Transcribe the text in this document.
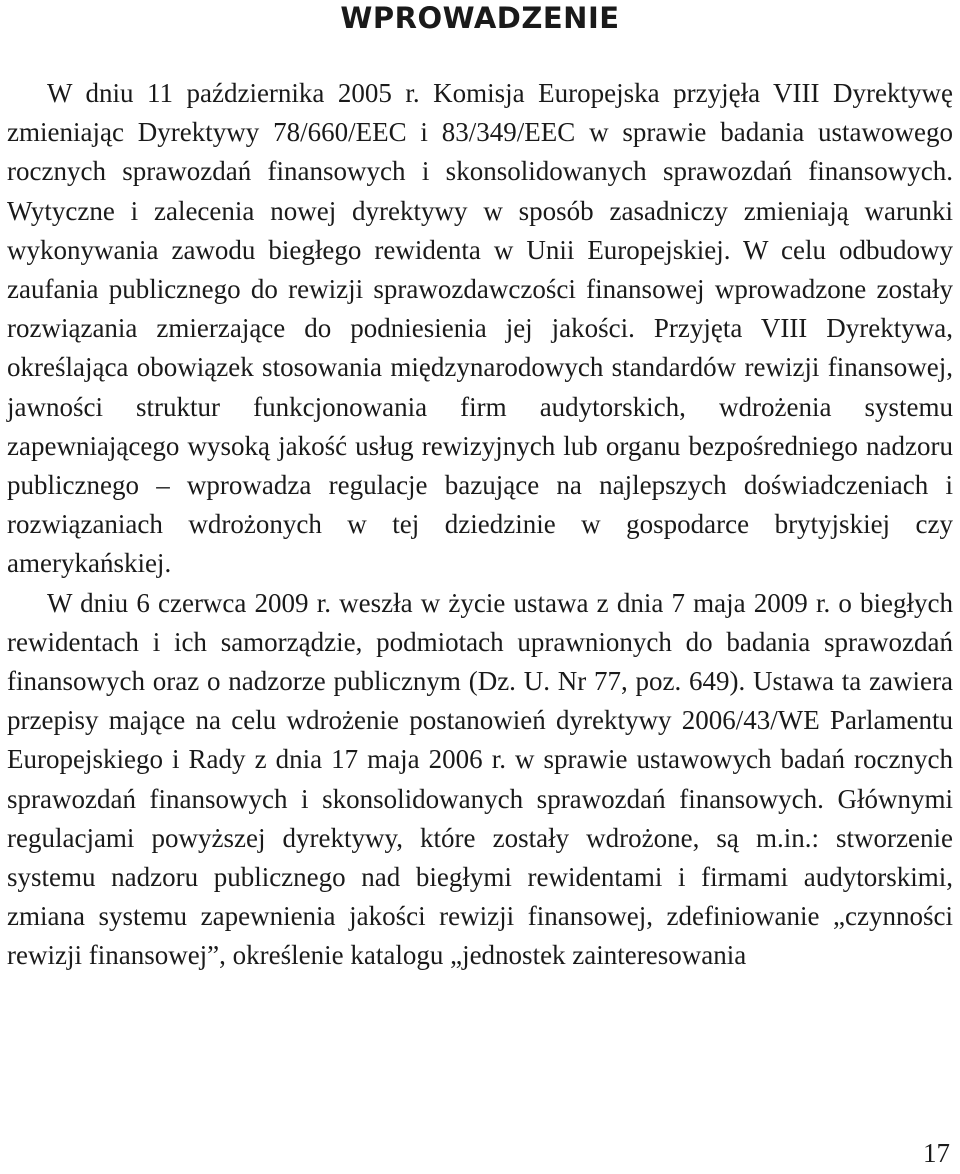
WPROWADZENIE

W dniu 11 października 2005 r. Komisja Europejska przyjęła VIII Dyrektywę zmieniając Dyrektywy 78/660/EEC i 83/349/EEC w sprawie badania ustawowego rocznych sprawozdań finansowych i skonsolidowanych sprawozdań finansowych. Wytyczne i zalecenia nowej dyrektywy w sposób zasadniczy zmieniają warunki wykonywania zawodu biegłego rewidenta w Unii Europejskiej. W celu odbudowy zaufania publicznego do rewizji sprawozdawczości finansowej wprowadzone zostały rozwiązania zmierzające do podniesienia jej jakości. Przyjęta VIII Dyrektywa, określająca obowiązek stosowania międzynarodowych standardów rewizji finansowej, jawności struktur funkcjonowania firm audytorskich, wdrożenia systemu zapewniającego wysoką jakość usług rewizyjnych lub organu bezpośredniego nadzoru publicznego – wprowadza regulacje bazujące na najlepszych doświadczeniach i rozwiązaniach wdrożonych w tej dziedzinie w gospodarce brytyjskiej czy amerykańskiej.

W dniu 6 czerwca 2009 r. weszła w życie ustawa z dnia 7 maja 2009 r. o biegłych rewidentach i ich samorządzie, podmiotach uprawnionych do badania sprawozdań finansowych oraz o nadzorze publicznym (Dz. U. Nr 77, poz. 649). Ustawa ta zawiera przepisy mające na celu wdrożenie postanowień dyrektywy 2006/43/WE Parlamentu Europejskiego i Rady z dnia 17 maja 2006 r. w sprawie ustawowych badań rocznych sprawozdań finansowych i skonsolidowanych sprawozdań finansowych. Głównymi regulacjami powyższej dyrektywy, które zostały wdrożone, są m.in.: stworzenie systemu nadzoru publicznego nad biegłymi rewidentami i firmami audytorskimi, zmiana systemu zapewnienia jakości rewizji finansowej, zdefiniowanie „czynności rewizji finansowej”, określenie katalogu „jednostek zainteresowania

17
